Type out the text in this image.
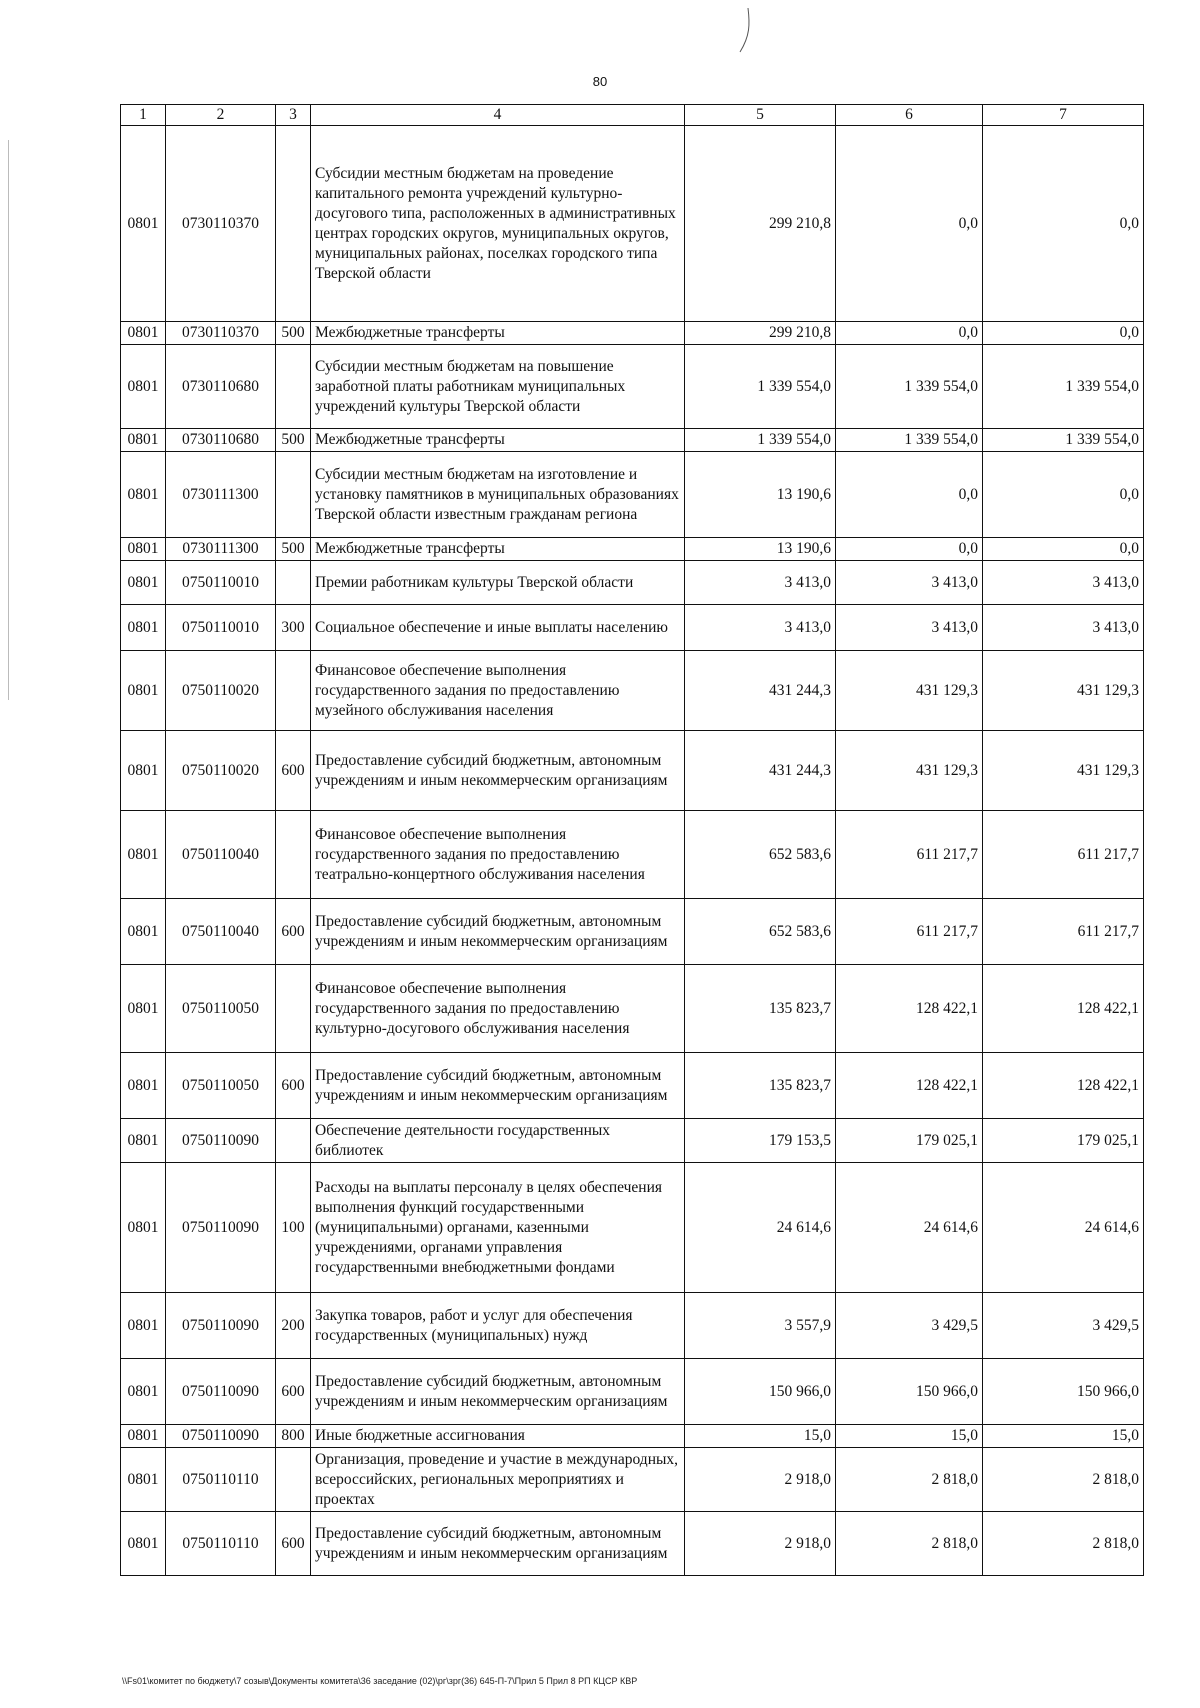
80
1	2	3	4	5	6	7
0801	0730110370		Субсидии местным бюджетам на проведение капитального ремонта учреждений культурно-досугового типа, расположенных в административных центрах городских округов, муниципальных округов, муниципальных районах, поселках городского типа Тверской области	299 210,8	0,0	0,0
0801	0730110370	500	Межбюджетные трансферты	299 210,8	0,0	0,0
0801	0730110680		Субсидии местным бюджетам на повышение заработной платы работникам муниципальных учреждений культуры Тверской области	1 339 554,0	1 339 554,0	1 339 554,0
0801	0730110680	500	Межбюджетные трансферты	1 339 554,0	1 339 554,0	1 339 554,0
0801	0730111300		Субсидии местным бюджетам на изготовление и установку памятников в муниципальных образованиях Тверской области известным гражданам региона	13 190,6	0,0	0,0
0801	0730111300	500	Межбюджетные трансферты	13 190,6	0,0	0,0
0801	0750110010		Премии работникам культуры Тверской области	3 413,0	3 413,0	3 413,0
0801	0750110010	300	Социальное обеспечение и иные выплаты населению	3 413,0	3 413,0	3 413,0
0801	0750110020		Финансовое обеспечение выполнения государственного задания по предоставлению музейного обслуживания населения	431 244,3	431 129,3	431 129,3
0801	0750110020	600	Предоставление субсидий бюджетным, автономным учреждениям и иным некоммерческим организациям	431 244,3	431 129,3	431 129,3
0801	0750110040		Финансовое обеспечение выполнения государственного задания по предоставлению театрально-концертного обслуживания населения	652 583,6	611 217,7	611 217,7
0801	0750110040	600	Предоставление субсидий бюджетным, автономным учреждениям и иным некоммерческим организациям	652 583,6	611 217,7	611 217,7
0801	0750110050		Финансовое обеспечение выполнения государственного задания по предоставлению культурно-досугового обслуживания населения	135 823,7	128 422,1	128 422,1
0801	0750110050	600	Предоставление субсидий бюджетным, автономным учреждениям и иным некоммерческим организациям	135 823,7	128 422,1	128 422,1
0801	0750110090		Обеспечение деятельности государственных библиотек	179 153,5	179 025,1	179 025,1
0801	0750110090	100	Расходы на выплаты персоналу в целях обеспечения выполнения функций государственными (муниципальными) органами, казенными учреждениями, органами управления государственными внебюджетными фондами	24 614,6	24 614,6	24 614,6
0801	0750110090	200	Закупка товаров, работ и услуг для обеспечения государственных (муниципальных) нужд	3 557,9	3 429,5	3 429,5
0801	0750110090	600	Предоставление субсидий бюджетным, автономным учреждениям и иным некоммерческим организациям	150 966,0	150 966,0	150 966,0
0801	0750110090	800	Иные бюджетные ассигнования	15,0	15,0	15,0
0801	0750110110		Организация, проведение и участие в международных, всероссийских, региональных мероприятиях и проектах	2 918,0	2 818,0	2 818,0
0801	0750110110	600	Предоставление субсидий бюджетным, автономным учреждениям и иным некоммерческим организациям	2 918,0	2 818,0	2 818,0
\\Fs01\комитет по бюджету\7 созыв\Документы комитета\36 заседание (02)\рг\зрг(36) 645-П-7\Прил 5 Прил 8 РП КЦСР КВР
